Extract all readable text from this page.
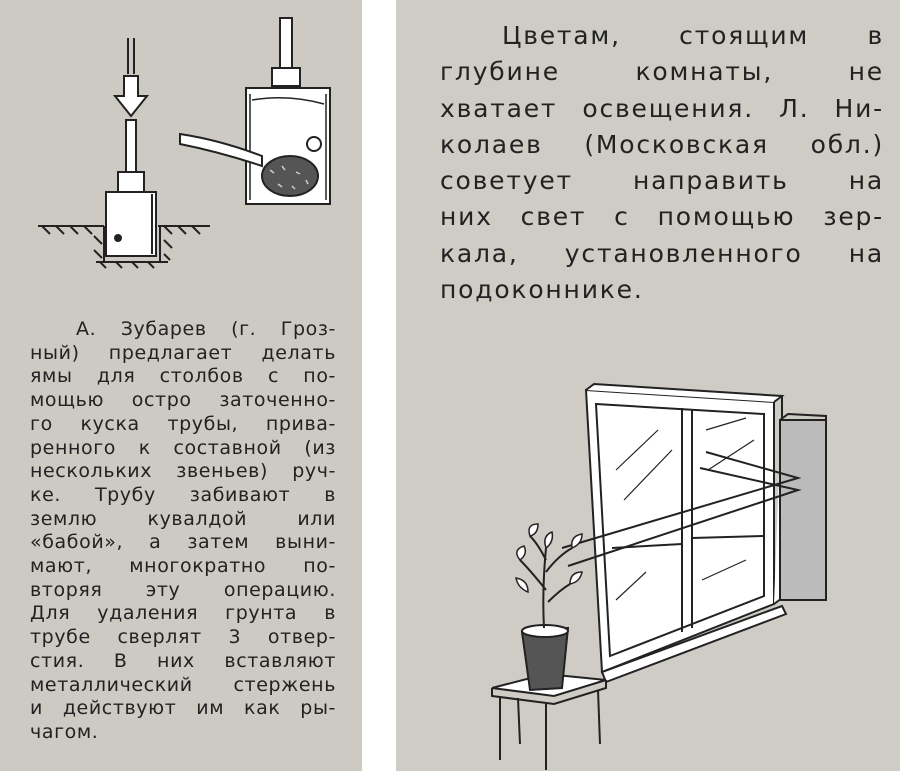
А. Зубарев (г. Гроз-
ный) предлагает делать
ямы для столбов с по-
мощью остро заточенно-
го куска трубы, прива-
ренного к составной (из
нескольких звеньев) руч-
ке. Трубу забивают в
землю кувалдой или
«бабой», а затем выни-
мают, многократно по-
вторяя эту операцию.
Для удаления грунта в
трубе сверлят 3 отвер-
стия. В них вставляют
металлический стержень
и действуют им как ры-
чагом.
Цветам, стоящим в
глубине комнаты, не
хватает освещения. Л. Ни-
колаев (Московская обл.)
советует направить на
них свет с помощью зер-
кала, установленного на
подоконнике.
